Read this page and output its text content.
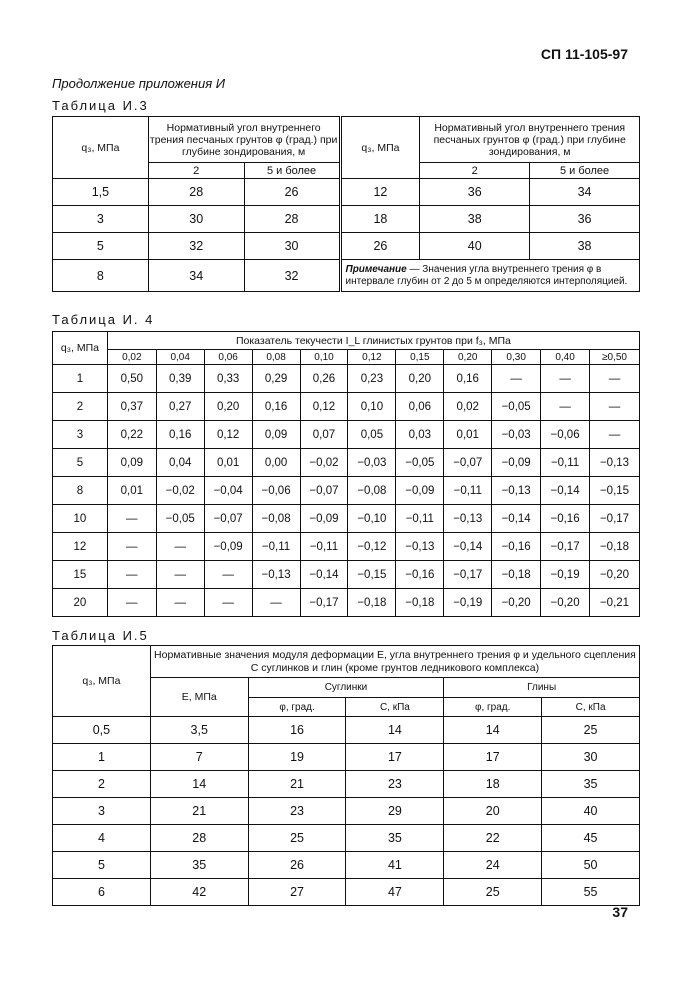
СП 11-105-97
Продолжение приложения И
Таблица И.3
q₃, МПа	Нормативный угол внутреннего трения песчаных грунтов φ (град.) при глубине зондирования, м		q₃, МПа	Нормативный угол внутреннего трения песчаных грунтов φ (град.) при глубине зондирования, м	
	2	5 и более		2	5 и более
1,5	28	26	12	36	34
3	30	28	18	38	36
5	32	30	26	40	38
8	34	32	Примечание — Значения угла внутреннего трения φ в интервале глубин от 2 до 5 м определяются интерполяцией.		
Таблица И. 4
q₃, МПа	Показатель текучести I_L глинистых грунтов при f₃, МПа										
	0,02	0,04	0,06	0,08	0,10	0,12	0,15	0,20	0,30	0,40	≥0,50
1	0,50	0,39	0,33	0,29	0,26	0,23	0,20	0,16	—	—	—
2	0,37	0,27	0,20	0,16	0,12	0,10	0,06	0,02	−0,05	—	—
3	0,22	0,16	0,12	0,09	0,07	0,05	0,03	0,01	−0,03	−0,06	—
5	0,09	0,04	0,01	0,00	−0,02	−0,03	−0,05	−0,07	−0,09	−0,11	−0,13
8	0,01	−0,02	−0,04	−0,06	−0,07	−0,08	−0,09	−0,11	−0,13	−0,14	−0,15
10	—	−0,05	−0,07	−0,08	−0,09	−0,10	−0,11	−0,13	−0,14	−0,16	−0,17
12	—	—	−0,09	−0,11	−0,11	−0,12	−0,13	−0,14	−0,16	−0,17	−0,18
15	—	—	—	−0,13	−0,14	−0,15	−0,16	−0,17	−0,18	−0,19	−0,20
20	—	—	—	—	−0,17	−0,18	−0,18	−0,19	−0,20	−0,20	−0,21
Таблица И.5
q₃, МПа	Нормативные значения модуля деформации E, угла внутреннего трения φ и удельного сцепления C суглинков и глин (кроме грунтов ледникового комплекса)				
	E, МПа	Суглинки		Глины	
		φ, град.	C, кПа	φ, град.	C, кПа
0,5	3,5	16	14	14	25
1	7	19	17	17	30
2	14	21	23	18	35
3	21	23	29	20	40
4	28	25	35	22	45
5	35	26	41	24	50
6	42	27	47	25	55
37
